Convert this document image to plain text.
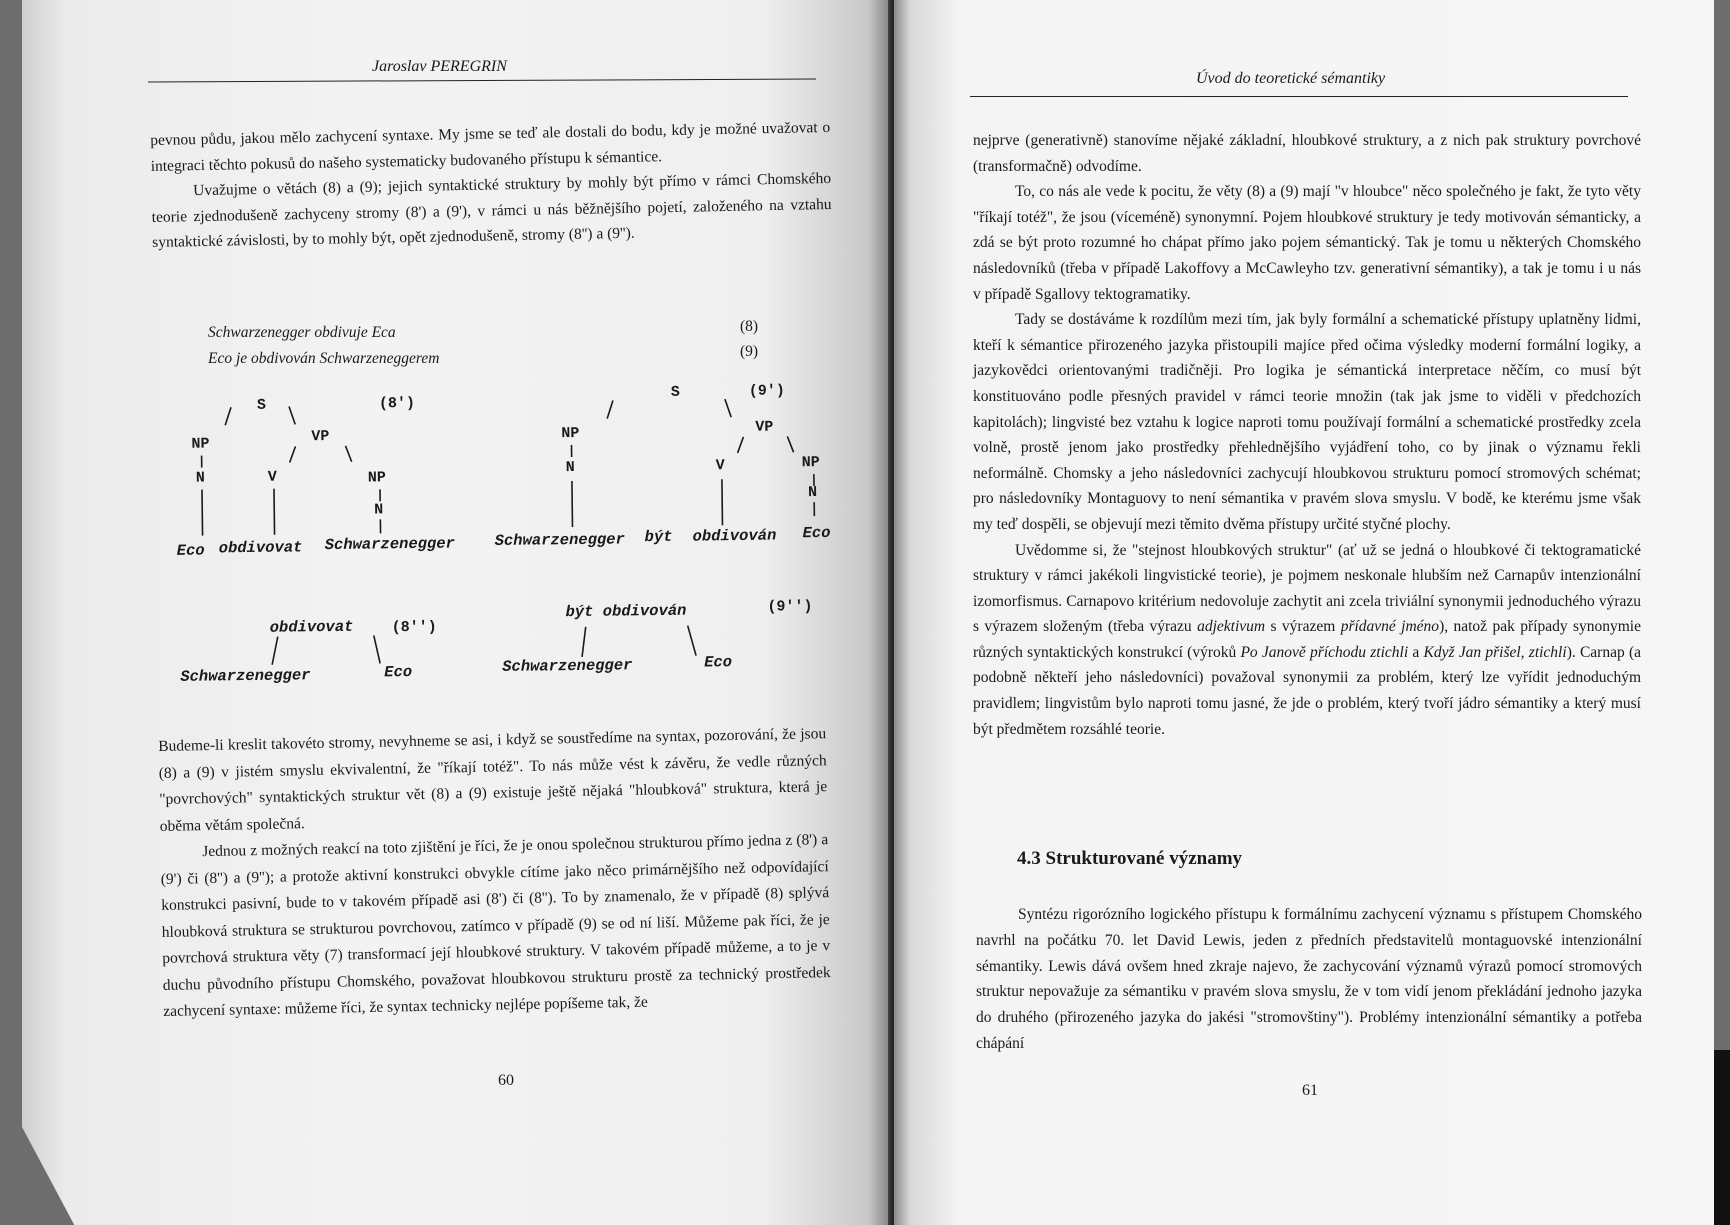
Jaroslav PEREGRIN

pevnou půdu, jakou mělo zachycení syntaxe. My jsme se teď ale dostali do bodu, kdy je možné uvažovat o integraci těchto pokusů do našeho systematicky budovaného přístupu k sémantice.

Uvažujme o větách (8) a (9); jejich syntaktické struktury by mohly být přímo v rámci Chomského teorie zjednodušeně zachyceny stromy (8') a (9'), v rámci u nás běžnějšího pojetí, založeného na vztahu syntaktické závislosti, by to mohly být, opět zjednodušeně, stromy (8'') a (9'').

Schwarzenegger obdivuje Eca	(8)
Eco je obdivován Schwarzeneggerem	(9)
S	(8')
NP	VP
N	V	NP
N
Eco obdivovat Schwarzenegger
S	(9')
NP	VP
N	V	NP
N
Schwarzenegger být obdivován Eco
obdivovat	(8'')
Schwarzenegger	Eco
být obdivován	(9'')
Schwarzenegger	Eco

Budeme-li kreslit takovéto stromy, nevyhneme se asi, i když se soustředíme na syntax, pozorování, že jsou (8) a (9) v jistém smyslu ekvivalentní, že "říkají totéž". To nás může vést k závěru, že vedle různých "povrchových" syntaktických struktur vět (8) a (9) existuje ještě nějaká "hloubková" struktura, která je oběma větám společná.

Jednou z možných reakcí na toto zjištění je říci, že je onou společnou strukturou přímo jedna z (8') a (9') či (8'') a (9''); a protože aktivní konstrukci obvykle cítíme jako něco primárnějšího než odpovídající konstrukci pasivní, bude to v takovém případě asi (8') či (8''). To by znamenalo, že v případě (8) splývá hloubková struktura se strukturou povrchovou, zatímco v případě (9) se od ní liší. Můžeme pak říci, že je povrchová struktura věty (7) transformací její hloubkové struktury. V takovém případě můžeme, a to je v duchu původního přístupu Chomského, považovat hloubkovou strukturu prostě za technický prostředek zachycení syntaxe: můžeme říci, že syntax technicky nejlépe popíšeme tak, že

60
Úvod do teoretické sémantiky

nejprve (generativně) stanovíme nějaké základní, hloubkové struktury, a z nich pak struktury povrchové (transformačně) odvodíme.

To, co nás ale vede k pocitu, že věty (8) a (9) mají "v hloubce" něco společného je fakt, že tyto věty "říkají totéž", že jsou (víceméně) synonymní. Pojem hloubkové struktury je tedy motivován sémanticky, a zdá se být proto rozumné ho chápat přímo jako pojem sémantický. Tak je tomu u některých Chomského následovníků (třeba v případě Lakoffovy a McCawleyho tzv. generativní sémantiky), a tak je tomu i u nás v případě Sgallovy tektogramatiky.

Tady se dostáváme k rozdílům mezi tím, jak byly formální a schematické přístupy uplatněny lidmi, kteří k sémantice přirozeného jazyka přistoupili majíce před očima výsledky moderní formální logiky, a jazykovědci orientovanými tradičněji. Pro logika je sémantická interpretace něčím, co musí být konstituováno podle přesných pravidel v rámci teorie množin (tak jak jsme to viděli v předchozích kapitolách); lingvisté bez vztahu k logice naproti tomu používají formální a schematické prostředky zcela volně, prostě jenom jako prostředky přehlednějšího vyjádření toho, co by jinak o významu řekli neformálně. Chomsky a jeho následovníci zachycují hloubkovou strukturu pomocí stromových schémat; pro následovníky Montaguovy to není sémantika v pravém slova smyslu. V bodě, ke kterému jsme však my teď dospěli, se objevují mezi těmito dvěma přístupy určité styčné plochy.

Uvědomme si, že "stejnost hloubkových struktur" (ať už se jedná o hloubkové či tektogramatické struktury v rámci jakékoli lingvistické teorie), je pojmem neskonale hlubším než Carnapův intenzionální izomorfismus. Carnapovo kritérium nedovoluje zachytit ani zcela triviální synonymii jednoduchého výrazu s výrazem složeným (třeba výrazu adjektivum s výrazem přídavné jméno), natož pak případy synonymie různých syntaktických konstrukcí (výroků Po Janově příchodu ztichli a Když Jan přišel, ztichli). Carnap (a podobně někteří jeho následovníci) považoval synonymii za problém, který lze vyřídit jednoduchým pravidlem; lingvistům bylo naproti tomu jasné, že jde o problém, který tvoří jádro sémantiky a který musí být předmětem rozsáhlé teorie.

4.3 Strukturované významy

Syntézu rigorózního logického přístupu k formálnímu zachycení významu s přístupem Chomského navrhl na počátku 70. let David Lewis, jeden z předních představitelů montaguovské intenzionální sémantiky. Lewis dává ovšem hned zkraje najevo, že zachycování významů výrazů pomocí stromových struktur nepovažuje za sémantiku v pravém slova smyslu, že v tom vidí jenom překládání jednoho jazyka do druhého (přirozeného jazyka do jakési "stromovštiny"). Problémy intenzionální sémantiky a potřeba chápání

61
